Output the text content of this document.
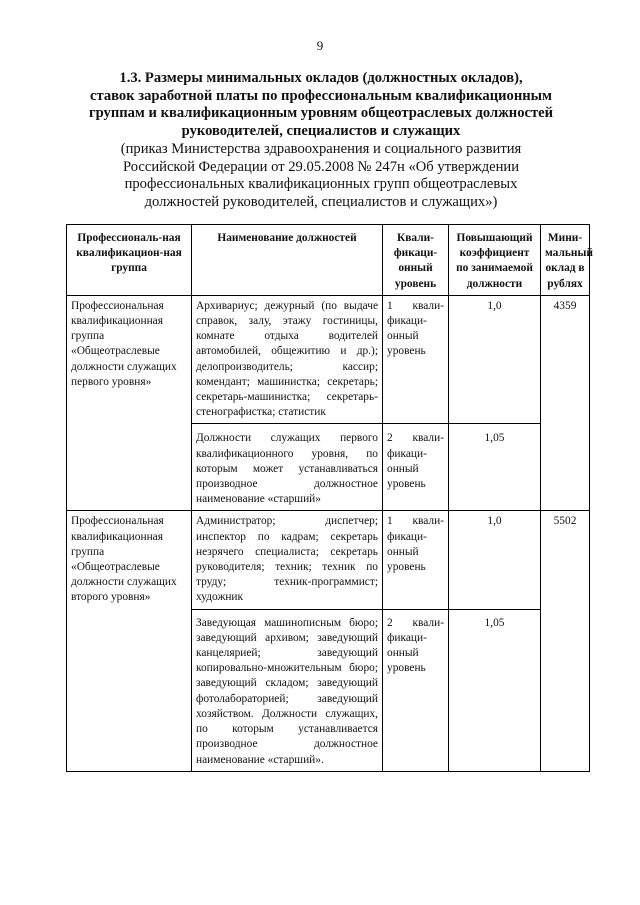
9
1.3. Размеры минимальных окладов (должностных окладов),
ставок заработной платы по профессиональным квалификационным
группам и квалификационным уровням общеотраслевых должностей
руководителей, специалистов и служащих
(приказ Министерства здравоохранения и социального развития
Российской Федерации от 29.05.2008 № 247н «Об утверждении
профессиональных квалификационных групп общеотраслевых
должностей руководителей, специалистов и служащих»)
Профессиональ-ная квалификацион-ная группа	Наименование должностей	Квали-фикаци-онный уровень	Повышающий коэффициент по занимаемой должности	Мини-мальный оклад в рублях
Профессиональная квалификационная группа «Общеотраслевые должности служащих первого уровня»	Архивариус; дежурный (по выдаче справок, залу, этажу гостиницы, комнате отдыха водителей автомобилей, общежитию и др.); делопроизводитель; кассир; комендант; машинистка; секретарь; секретарь-машинистка; секретарь-стенографистка; статистик	1 квали-фикаци-онный уровень	1,0	4359
	Должности служащих первого квалификационного уровня, по которым может устанавливаться производное должностное наименование «старший»	2 квали-фикаци-онный уровень	1,05	
Профессиональная квалификационная группа «Общеотраслевые должности служащих второго уровня»	Администратор; диспетчер; инспектор по кадрам; секретарь незрячего специалиста; секретарь руководителя; техник; техник по труду; техник-программист; художник	1 квали-фикаци-онный уровень	1,0	5502
	Заведующая машинописным бюро; заведующий архивом; заведующий канцелярией; заведующий копировально-множительным бюро; заведующий складом; заведующий фотолабораторией; заведующий хозяйством. Должности служащих, по которым устанавливается производное должностное наименование «старший».	2 квали-фикаци-онный уровень	1,05	
